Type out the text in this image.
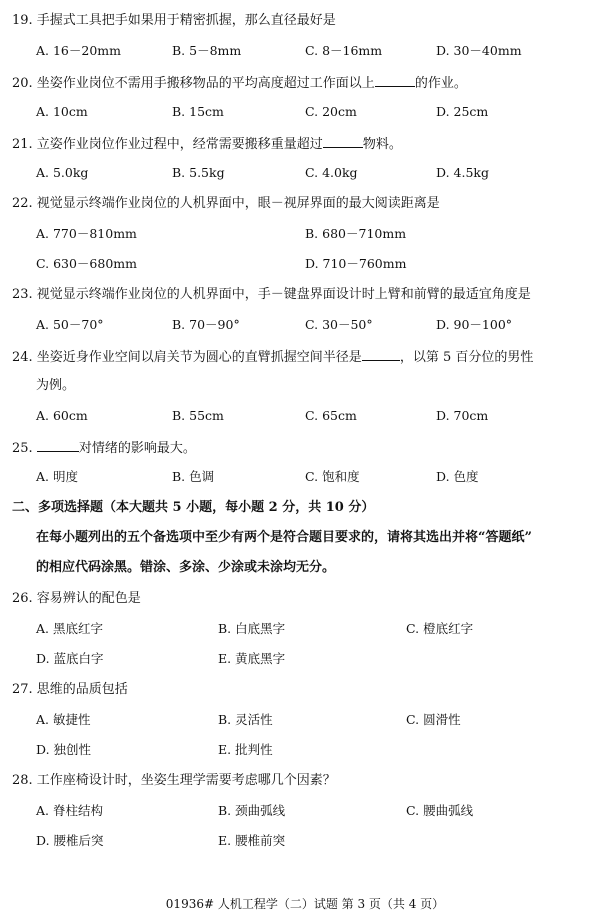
19. 手握式工具把手如果用于精密抓握，那么直径最好是
A. 16－20mm	B. 5－8mm	C. 8－16mm	D. 30－40mm
20. 坐姿作业岗位不需用手搬移物品的平均高度超过工作面以上	的作业。
A. 10cm	B. 15cm	C. 20cm	D. 25cm
21. 立姿作业岗位作业过程中，经常需要搬移重量超过	物料。
A. 5.0kg	B. 5.5kg	C. 4.0kg	D. 4.5kg
22. 视觉显示终端作业岗位的人机界面中，眼－视屏界面的最大阅读距离是
A. 770－810mm	B. 680－710mm
C. 630－680mm	D. 710－760mm
23. 视觉显示终端作业岗位的人机界面中，手－键盘界面设计时上臂和前臂的最适宜角度是
A. 50－70°	B. 70－90°	C. 30－50°	D. 90－100°
24. 坐姿近身作业空间以肩关节为圆心的直臂抓握空间半径是	，以第 5 百分位的男性
为例。
A. 60cm	B. 55cm	C. 65cm	D. 70cm
25.	对情绪的影响最大。
A. 明度	B. 色调	C. 饱和度	D. 色度
二、多项选择题（本大题共 5 小题，每小题 2 分，共 10 分）
在每小题列出的五个备选项中至少有两个是符合题目要求的，请将其选出并将“答题纸”
的相应代码涂黑。错涂、多涂、少涂或未涂均无分。
26. 容易辨认的配色是
A. 黑底红字	B. 白底黑字	C. 橙底红字
D. 蓝底白字	E. 黄底黑字
27. 思维的品质包括
A. 敏捷性	B. 灵活性	C. 圆滑性
D. 独创性	E. 批判性
28. 工作座椅设计时，坐姿生理学需要考虑哪几个因素？
A. 脊柱结构	B. 颈曲弧线	C. 腰曲弧线
D. 腰椎后突	E. 腰椎前突
01936# 人机工程学（二）试题 第 3 页（共 4 页）
